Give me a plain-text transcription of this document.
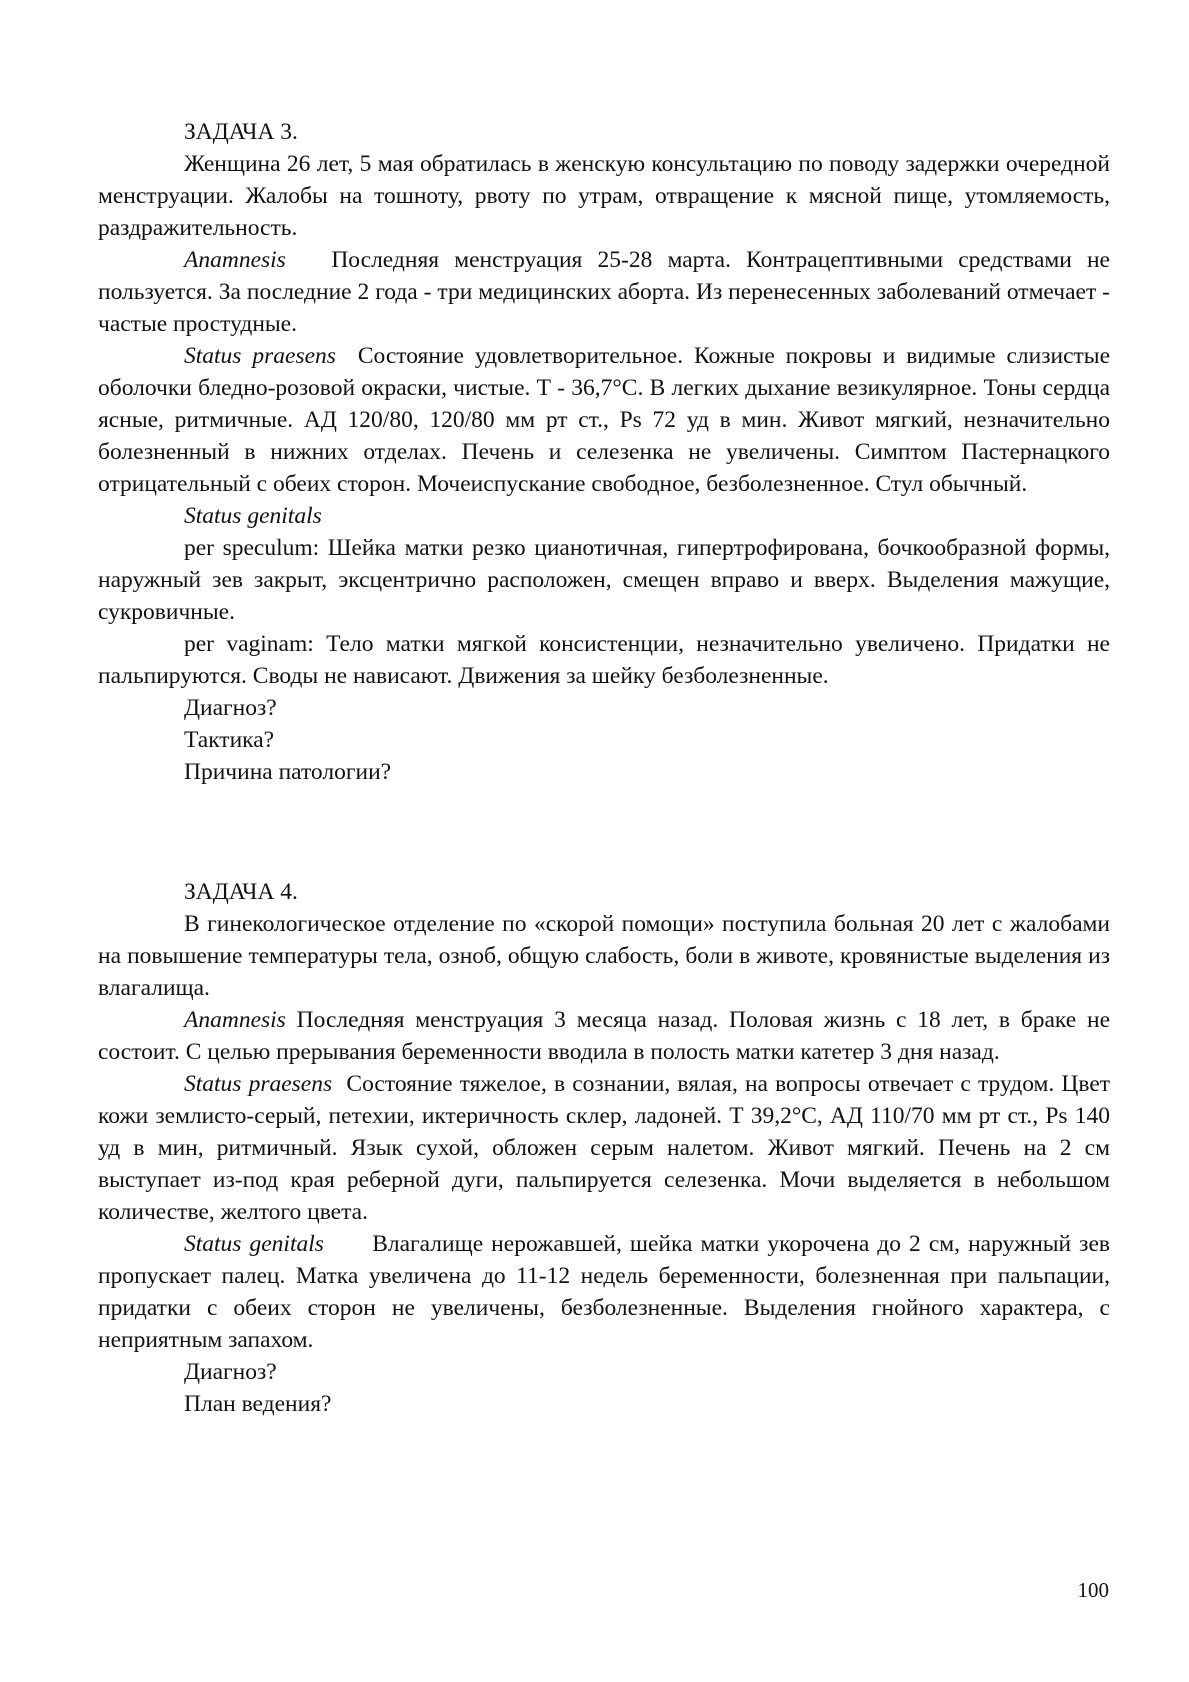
ЗАДАЧА 3.

Женщина 26 лет, 5 мая обратилась в женскую консультацию по поводу задержки очередной менструации. Жалобы на тошноту, рвоту по утрам, отвращение к мясной пище, утомляемость, раздражительность.

Anamnesis Последняя менструация 25-28 марта. Контрацептивными средствами не пользуется. За последние 2 года - три медицинских аборта. Из перенесенных заболеваний отмечает - частые простудные.

Status praesens Состояние удовлетворительное. Кожные покровы и видимые слизистые оболочки бледно-розовой окраски, чистые. Т - 36,7°С. В легких дыхание везикулярное. Тоны сердца ясные, ритмичные. АД 120/80, 120/80 мм рт ст., Ps 72 уд в мин. Живот мягкий, незначительно болезненный в нижних отделах. Печень и селезенка не увеличены. Симптом Пастернацкого отрицательный с обеих сторон. Мочеиспускание свободное, безболезненное. Стул обычный.

Status genitals

per speculum: Шейка матки резко цианотичная, гипертрофирована, бочкообразной формы, наружный зев закрыт, эксцентрично расположен, смещен вправо и вверх. Выделения мажущие, сукровичные.

per vaginam: Тело матки мягкой консистенции, незначительно увеличено. Придатки не пальпируются. Своды не нависают. Движения за шейку безболезненные.

Диагноз?

Тактика?

Причина патологии?

ЗАДАЧА 4.

В гинекологическое отделение по «скорой помощи» поступила больная 20 лет с жалобами на повышение температуры тела, озноб, общую слабость, боли в животе, кровянистые выделения из влагалища.

Anamnesis Последняя менструация 3 месяца назад. Половая жизнь с 18 лет, в браке не состоит. С целью прерывания беременности вводила в полость матки катетер 3 дня назад.

Status praesens Состояние тяжелое, в сознании, вялая, на вопросы отвечает с трудом. Цвет кожи землисто-серый, петехии, иктеричность склер, ладоней. Т 39,2°С, АД 110/70 мм рт ст., Ps 140 уд в мин, ритмичный. Язык сухой, обложен серым налетом. Живот мягкий. Печень на 2 см выступает из-под края реберной дуги, пальпируется селезенка. Мочи выделяется в небольшом количестве, желтого цвета.

Status genitals Влагалище нерожавшей, шейка матки укорочена до 2 см, наружный зев пропускает палец. Матка увеличена до 11-12 недель беременности, болезненная при пальпации, придатки с обеих сторон не увеличены, безболезненные. Выделения гнойного характера, с неприятным запахом.

Диагноз?

План ведения?

100
